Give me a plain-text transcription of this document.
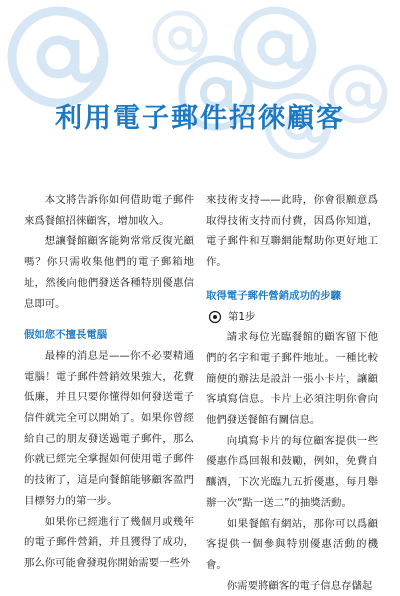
利用電子郵件招徠顧客

本文將告訴你如何借助電子郵件來爲餐館招徠顧客，增加收入。

想讓餐館顧客能夠常常反復光顧嗎？你只需收集他們的電子郵箱地址，然後向他們發送各種特別優惠信息即可。

假如您不擅長電腦

最棒的消息是——你不必要精通電腦！電子郵件營銷效果強大，花費低廉，并且只要你懂得如何發送電子信件就完全可以開始了。如果你曾經給自己的朋友發送過電子郵件，那么你就已經完全掌握如何使用電子郵件的技術了，這是向餐館能够顧客盈門目標努力的第一步。

如果你已經進行了幾個月或幾年的電子郵件營銷，并且獲得了成功，那么你可能會發現你開始需要一些外

來技術支持——此時，你會很願意爲取得技術支持而付費，因爲你知道，電子郵件和互聯網能幫助你更好地工作。

取得電子郵件營銷成功的步驟
第1步

請求每位光臨餐館的顧客留下他們的名字和電子郵件地址。一種比較簡便的辦法是設計一張小卡片，讓顧客填寫信息。卡片上必須注明你會向他們發送餐館有關信息。

向填寫卡片的每位顧客提供一些優惠作爲回報和鼓勵，例如，免費自釀酒，下次光臨九五折優惠，每月舉辦一次“點一送二”的抽獎活動。

如果餐館有網站，那你可以爲顧客提供一個參與特別優惠活動的機會。

你需要將顧客的電子信息存儲起
